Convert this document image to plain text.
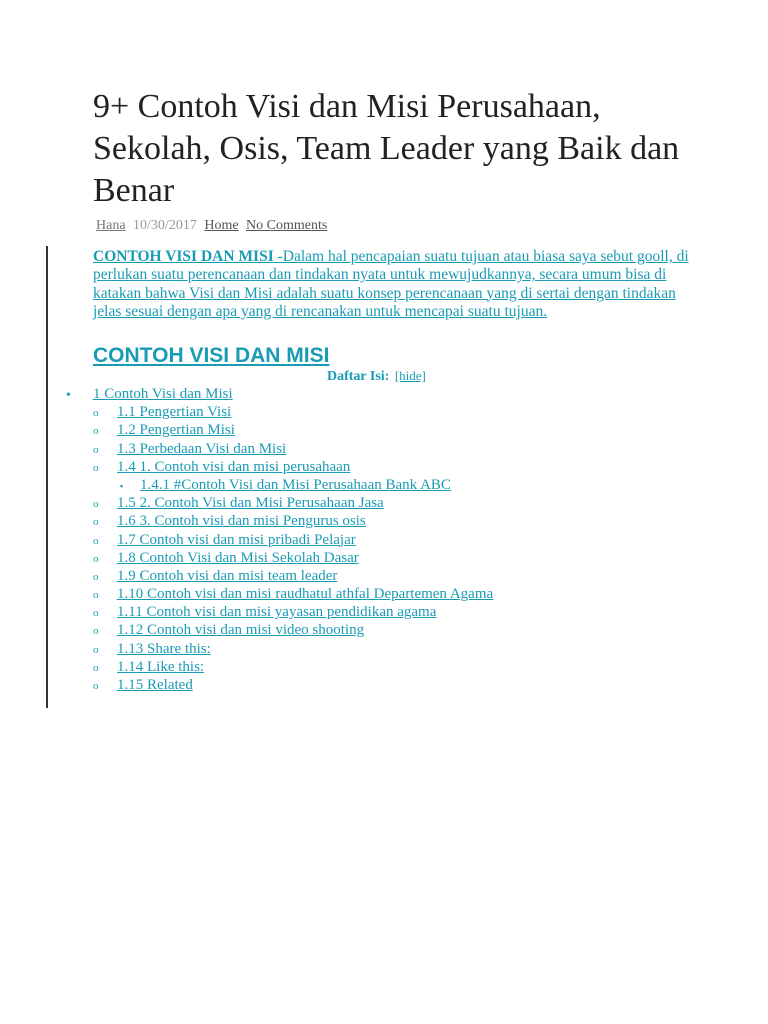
9+ Contoh Visi dan Misi Perusahaan, Sekolah, Osis, Team Leader yang Baik dan Benar
Hana 10/30/2017 Home No Comments

CONTOH VISI DAN MISI -Dalam hal pencapaian suatu tujuan atau biasa saya sebut gooll, di perlukan suatu perencanaan dan tindakan nyata untuk mewujudkannya, secara umum bisa di katakan bahwa Visi dan Misi adalah suatu konsep perencanaan yang di sertai dengan tindakan jelas sesuai dengan apa yang di rencanakan untuk mencapai suatu tujuan.

CONTOH VISI DAN MISI
Daftar Isi: [hide]
• 1 Contoh Visi dan Misi
o 1.1 Pengertian Visi
o 1.2 Pengertian Misi
o 1.3 Perbedaan Visi dan Misi
o 1.4 1. Contoh visi dan misi perusahaan
▪ 1.4.1 #Contoh Visi dan Misi Perusahaan Bank ABC
o 1.5 2. Contoh Visi dan Misi Perusahaan Jasa
o 1.6 3. Contoh visi dan misi Pengurus osis
o 1.7 Contoh visi dan misi pribadi Pelajar
o 1.8 Contoh Visi dan Misi Sekolah Dasar
o 1.9 Contoh visi dan misi team leader
o 1.10 Contoh visi dan misi raudhatul athfal Departemen Agama
o 1.11 Contoh visi dan misi yayasan pendidikan agama
o 1.12 Contoh visi dan misi video shooting
o 1.13 Share this:
o 1.14 Like this:
o 1.15 Related
